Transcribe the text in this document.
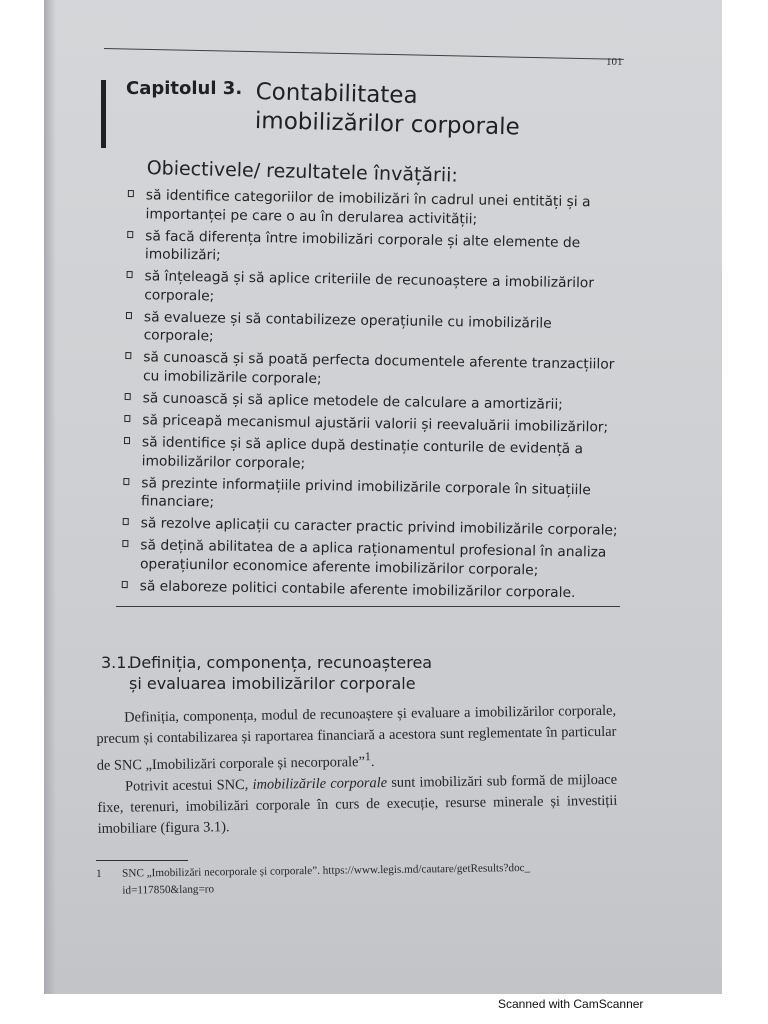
101
Capitolul 3. Contabilitatea
imobilizărilor corporale
Obiectivele/ rezultatele învățării:
să identifice categoriilor de imobilizări în cadrul unei entități și a importanței pe care o au în derularea activității;
să facă diferența între imobilizări corporale și alte elemente de imobilizări;
să înțeleagă și să aplice criteriile de recunoaștere a imobilizărilor corporale;
să evalueze și să contabilizeze operațiunile cu imobilizările corporale;
să cunoască și să poată perfecta documentele aferente tranzacțiilor cu imobilizările corporale;
să cunoască și să aplice metodele de calculare a amortizării;
să priceapă mecanismul ajustării valorii și reevaluării imobilizărilor;
să identifice și să aplice după destinație conturile de evidență a imobilizărilor corporale;
să prezinte informațiile privind imobilizările corporale în situațiile financiare;
să rezolve aplicații cu caracter practic privind imobilizările corporale;
să dețină abilitatea de a aplica raționamentul profesional în analiza operațiunilor economice aferente imobilizărilor corporale;
să elaboreze politici contabile aferente imobilizărilor corporale.
3.1.Definiția, componența, recunoașterea
și evaluarea imobilizărilor corporale

Definiția, componența, modul de recunoaștere și evaluare a imobilizărilor corporale, precum și contabilizarea și raportarea financiară a acestora sunt reglementate în particular de SNC „Imobilizări corporale și necorporale”$^1$.

Potrivit acestui SNC, imobilizările corporale sunt imobilizări sub formă de mijloace fixe, terenuri, imobilizări corporale în curs de execuție, resurse minerale și investiții imobiliare (figura 3.1).

1 SNC „Imobilizări necorporale și corporale”. https://www.legis.md/cautare/getResults?doc_
id=117850&lang=ro
Scanned with CamScanner
